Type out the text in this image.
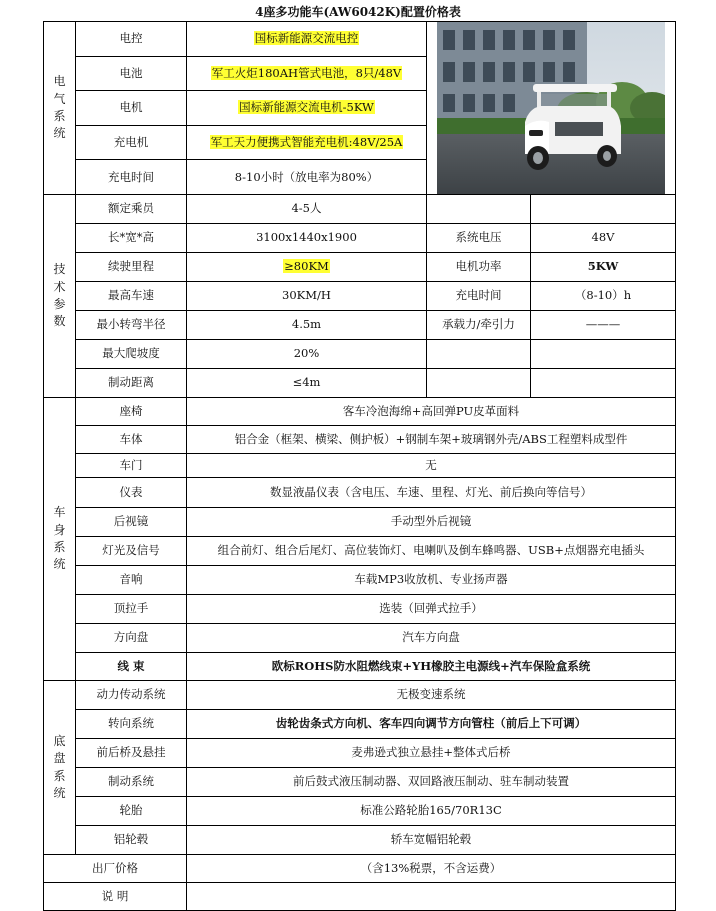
4座多功能车(AW6042K)配置价格表
电气系统	电控	国标新能源交流电控	

	电池	军工火炬180AH管式电池，8只/48V		
	电机	国标新能源交流电机-5KW		
	充电机	军工天力便携式智能充电机:48V/25A		
	充电时间	8-10小时（放电率为80%）		
技术参数	额定乘员	4-5人		
	长*宽*高	3100x1440x1900	系统电压	48V
	续驶里程	≥80KM	电机功率	5KW
	最高车速	30KM/H	充电时间	（8-10）h
	最小转弯半径	4.5m	承载力/牵引力	———
	最大爬坡度	20%		
	制动距离	≤4m		
车身系统	座椅	客车冷泡海绵+高回弹PU皮革面料		
	车体	铝合金（框架、横梁、侧护板）+钢制车架+玻璃钢外壳/ABS工程塑料成型件		
	车门	无		
	仪表	数显液晶仪表（含电压、车速、里程、灯光、前后换向等信号）		
	后视镜	手动型外后视镜		
	灯光及信号	组合前灯、组合后尾灯、高位装饰灯、电喇叭及倒车蜂鸣器、USB+点烟器充电插头		
	音响	车载MP3收放机、专业扬声器		
	顶拉手	选装（回弹式拉手）		
	方向盘	汽车方向盘		
	线 束	欧标ROHS防水阻燃线束+YH橡胶主电源线+汽车保险盒系统		
底盘系统	动力传动系统	无极变速系统		
	转向系统	齿轮齿条式方向机、客车四向调节方向管柱（前后上下可调）		
	前后桥及悬挂	麦弗逊式独立悬挂+整体式后桥		
	制动系统	前后鼓式液压制动器、双回路液压制动、驻车制动装置		
	轮胎	标准公路轮胎165/70R13C		
	铝轮毂	轿车宽幅铝轮毂		
出厂价格		（含13%税票，不含运费）		
说 明				
